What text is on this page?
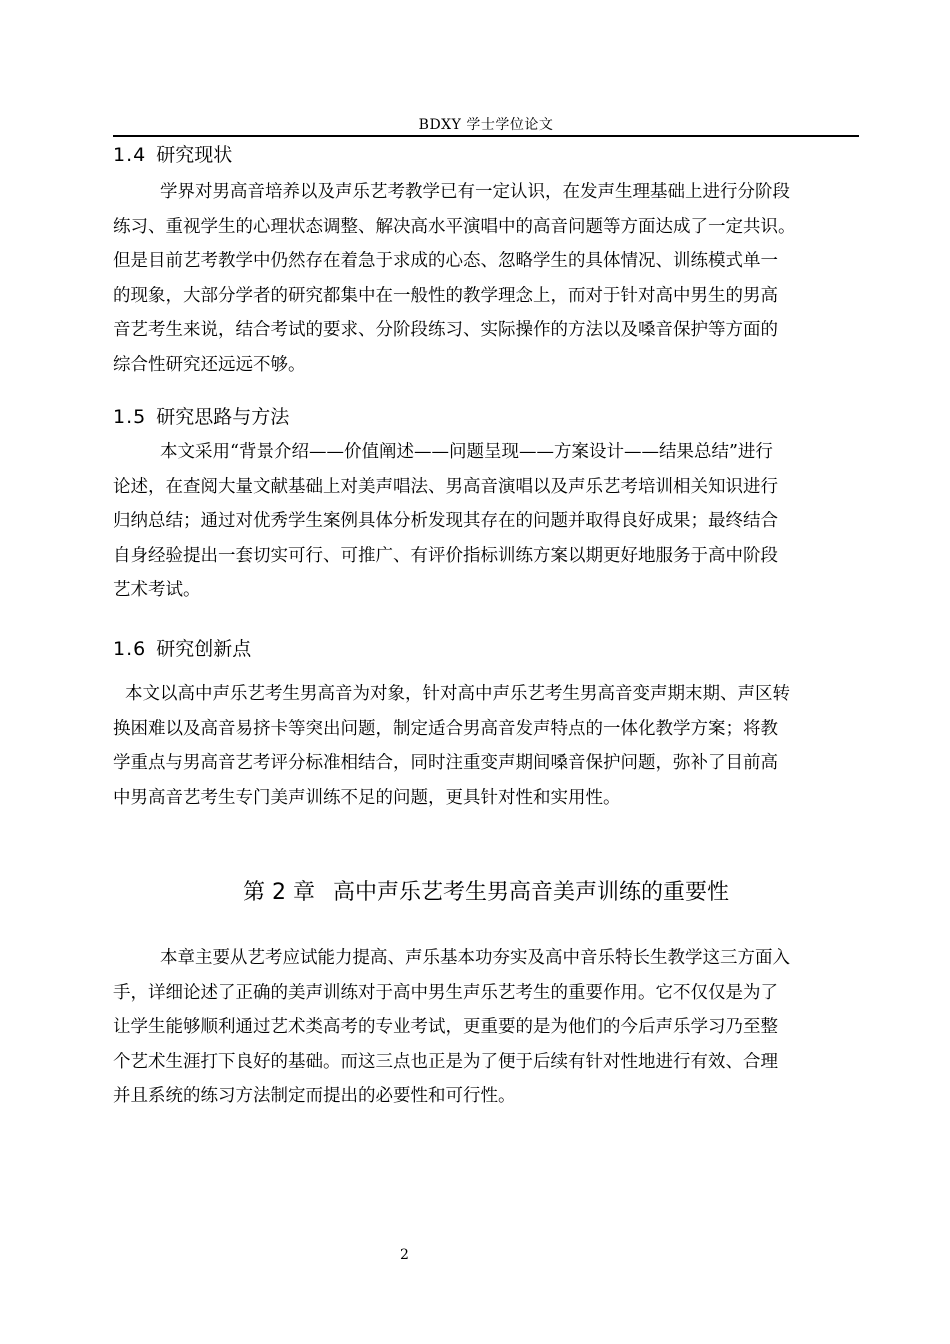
BDXY 学士学位论文
1.4 研究现状
学界对男高音培养以及声乐艺考教学已有一定认识，在发声生理基础上进行分阶段
练习、重视学生的心理状态调整、解决高水平演唱中的高音问题等方面达成了一定共识。
但是目前艺考教学中仍然存在着急于求成的心态、忽略学生的具体情况、训练模式单一
的现象，大部分学者的研究都集中在一般性的教学理念上，而对于针对高中男生的男高
音艺考生来说，结合考试的要求、分阶段练习、实际操作的方法以及嗓音保护等方面的
综合性研究还远远不够。
1.5 研究思路与方法
本文采用“背景介绍——价值阐述——问题呈现——方案设计——结果总结”进行
论述，在查阅大量文献基础上对美声唱法、男高音演唱以及声乐艺考培训相关知识进行
归纳总结；通过对优秀学生案例具体分析发现其存在的问题并取得良好成果；最终结合
自身经验提出一套切实可行、可推广、有评价指标训练方案以期更好地服务于高中阶段
艺术考试。
1.6 研究创新点
本文以高中声乐艺考生男高音为对象，针对高中声乐艺考生男高音变声期末期、声区转
换困难以及高音易挤卡等突出问题，制定适合男高音发声特点的一体化教学方案；将教
学重点与男高音艺考评分标准相结合，同时注重变声期间嗓音保护问题，弥补了目前高
中男高音艺考生专门美声训练不足的问题，更具针对性和实用性。
第 2 章 高中声乐艺考生男高音美声训练的重要性
本章主要从艺考应试能力提高、声乐基本功夯实及高中音乐特长生教学这三方面入
手，详细论述了正确的美声训练对于高中男生声乐艺考生的重要作用。它不仅仅是为了
让学生能够顺利通过艺术类高考的专业考试，更重要的是为他们的今后声乐学习乃至整
个艺术生涯打下良好的基础。而这三点也正是为了便于后续有针对性地进行有效、合理
并且系统的练习方法制定而提出的必要性和可行性。
2
